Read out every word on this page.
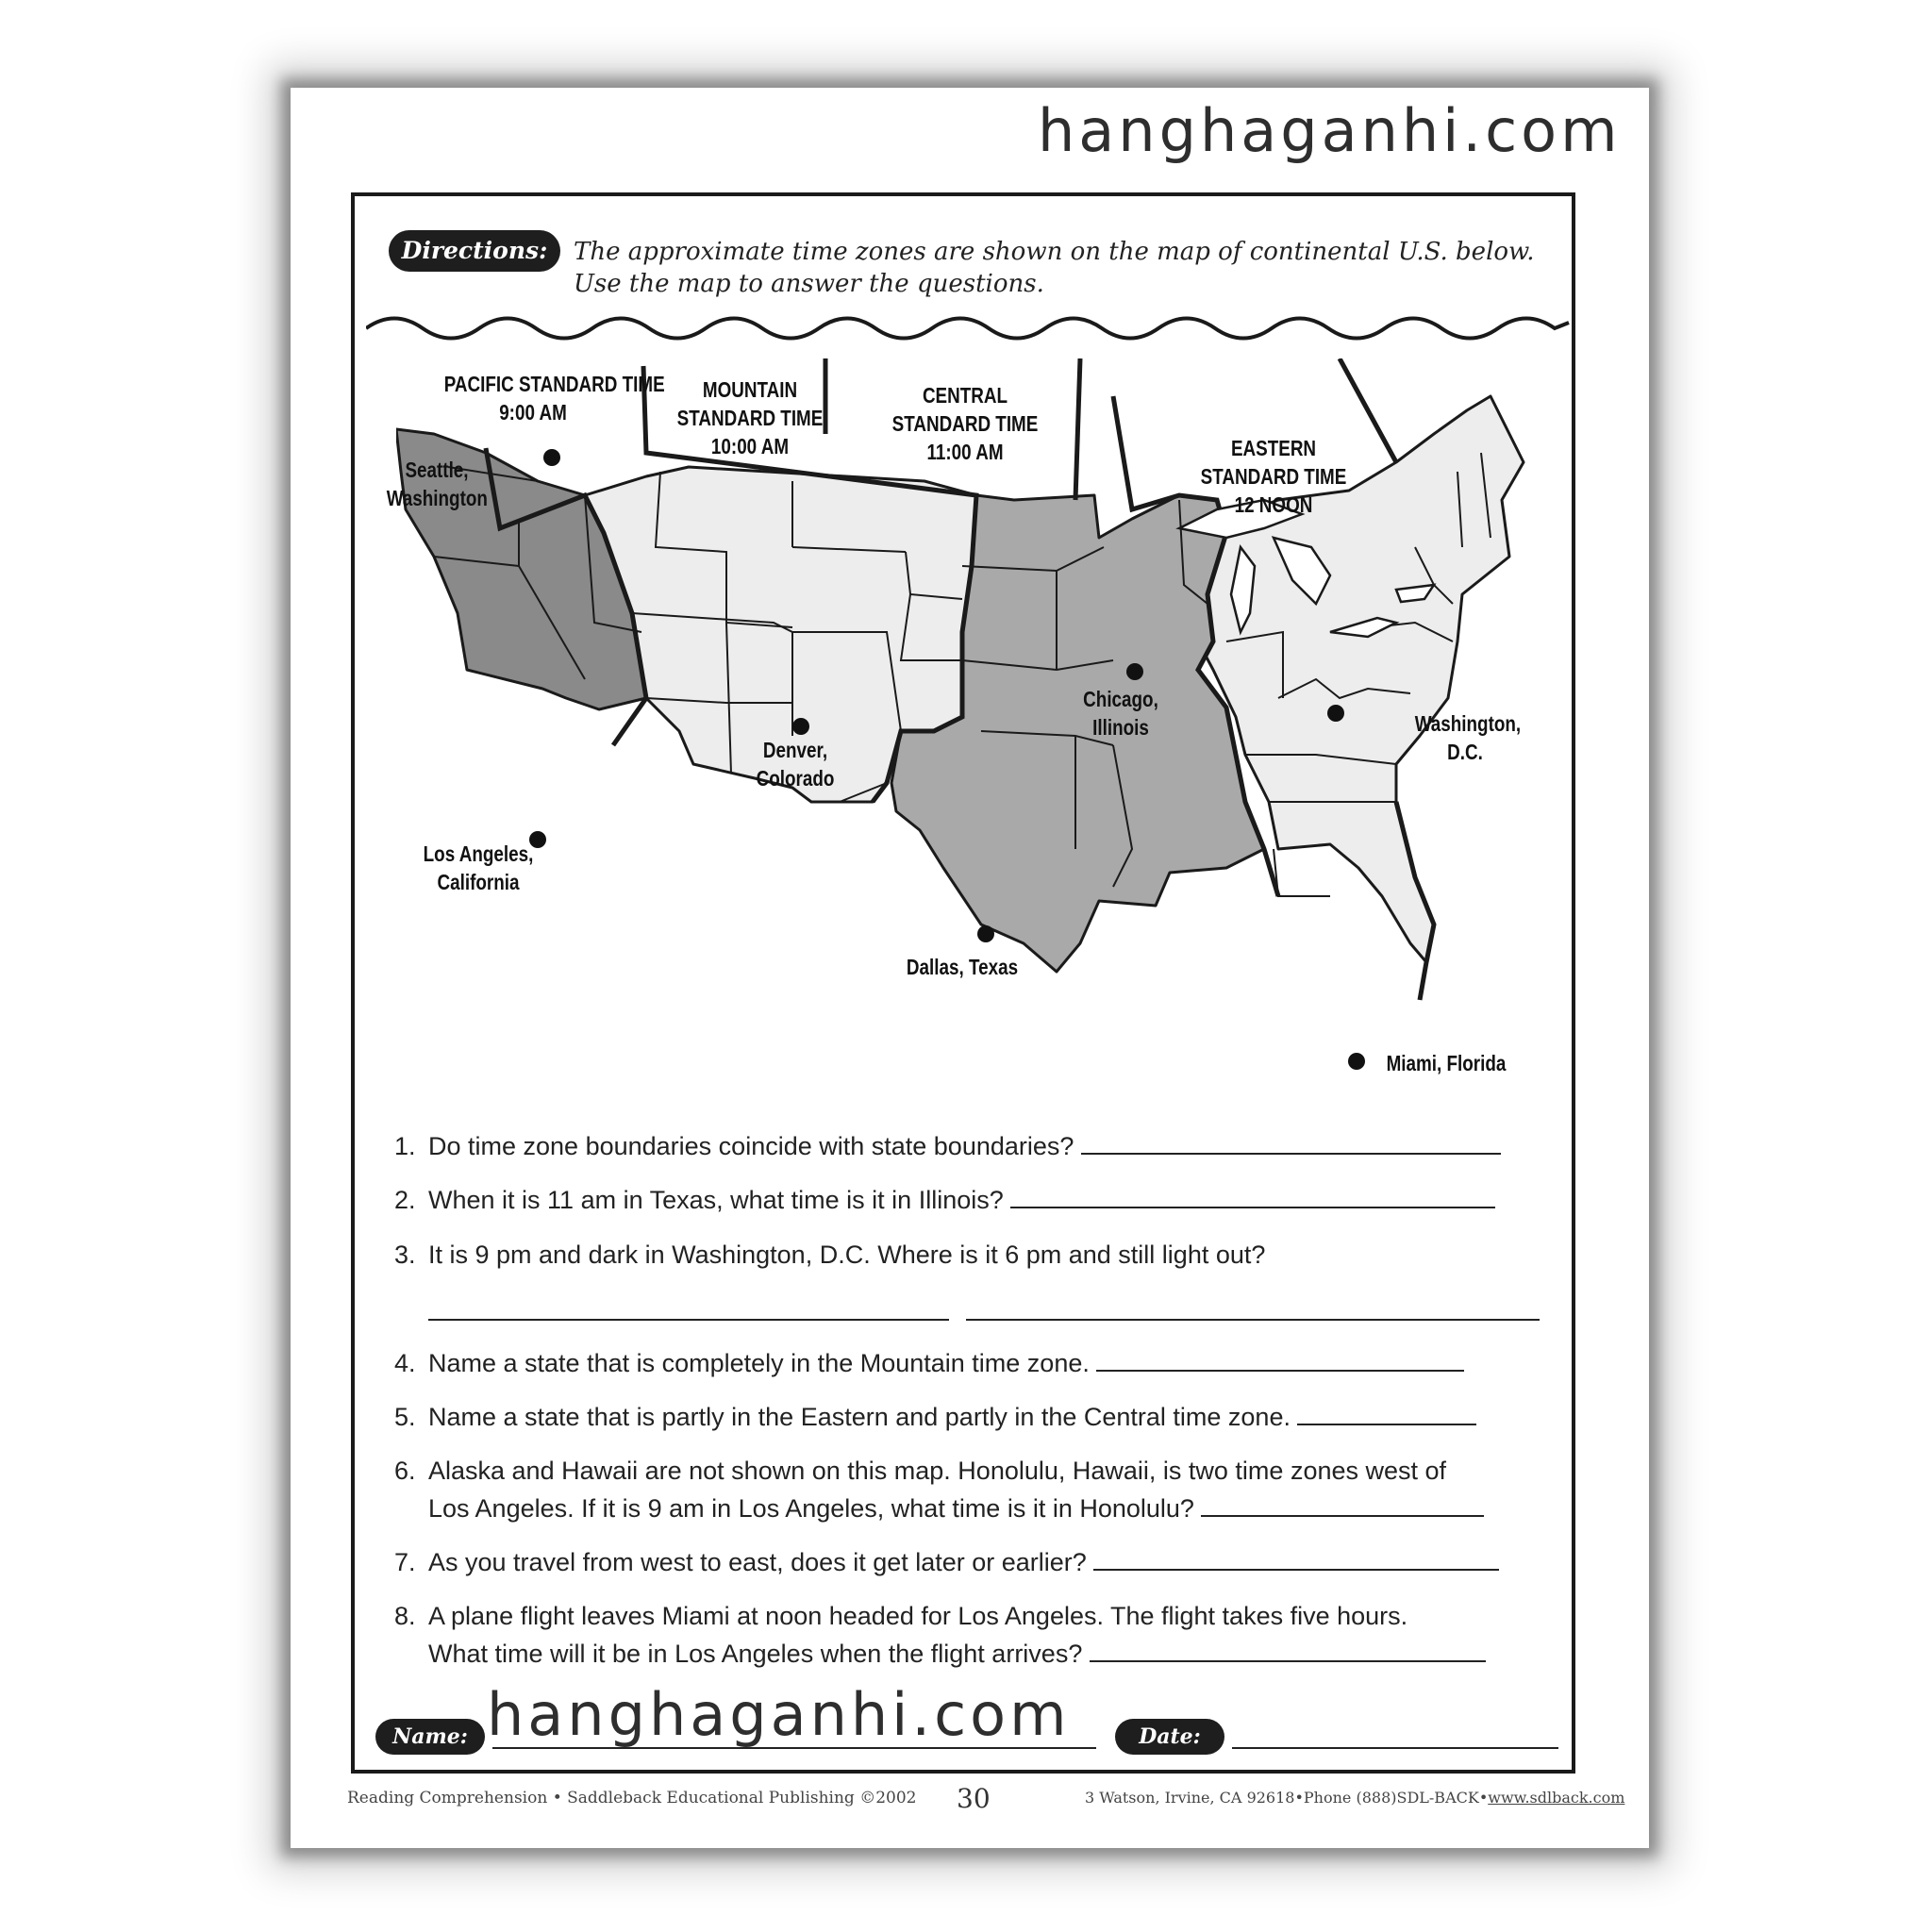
hanghaganhi.com
Directions:	The approximate time zones are shown on the map of continental U.S. below.
Use the map to answer the questions.
PACIFIC STANDARD TIME
9:00 AM
MOUNTAIN
STANDARD TIME
10:00 AM
CENTRAL
STANDARD TIME
11:00 AM	EASTERN
STANDARD TIME
12 NOON
Seattle,
Washington
Los Angeles,
California
Denver,
Colorado
Dallas, Texas
Chicago,
Illinois	Washington,
D.C.
Miami, Florida
1. Do time zone boundaries coincide with state boundaries?
2. When it is 11 am in Texas, what time is it in Illinois?
3. It is 9 pm and dark in Washington, D.C. Where is it 6 pm and still light out?
4. Name a state that is completely in the Mountain time zone.
5. Name a state that is partly in the Eastern and partly in the Central time zone.
6. Alaska and Hawaii are not shown on this map. Honolulu, Hawaii, is two time zones west of
Los Angeles. If it is 9 am in Los Angeles, what time is it in Honolulu?
7. As you travel from west to east, does it get later or earlier?
8. A plane flight leaves Miami at noon headed for Los Angeles. The flight takes five hours.
What time will it be in Los Angeles when the flight arrives?
Name:	Date:
hanghaganhi.com
Reading Comprehension • Saddleback Educational Publishing ©2002 30	3 Watson, Irvine, CA 92618•Phone (888)SDL-BACK•www.sdlback.com
